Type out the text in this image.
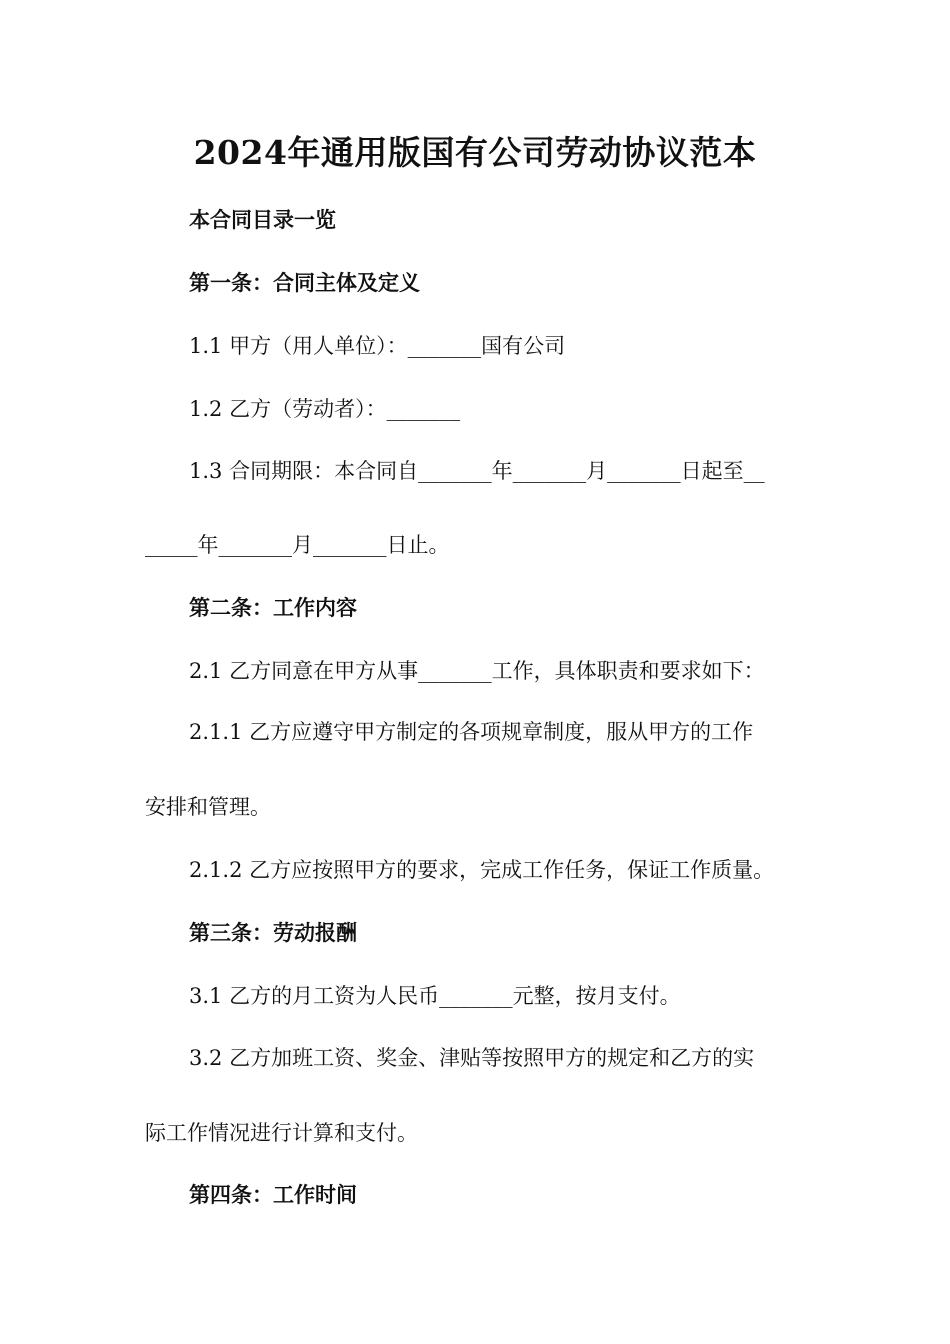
2024年通用版国有公司劳动协议范本

本合同目录一览

第一条：合同主体及定义

1.1 甲方（用人单位）：_______国有公司

1.2 乙方（劳动者）：_______

1.3 合同期限：本合同自_______年_______月_______日起至__

_____年_______月_______日止。

第二条：工作内容

2.1 乙方同意在甲方从事_______工作，具体职责和要求如下：

2.1.1 乙方应遵守甲方制定的各项规章制度，服从甲方的工作

安排和管理。

2.1.2 乙方应按照甲方的要求，完成工作任务，保证工作质量。

第三条：劳动报酬

3.1 乙方的月工资为人民币_______元整，按月支付。

3.2 乙方加班工资、奖金、津贴等按照甲方的规定和乙方的实

际工作情况进行计算和支付。

第四条：工作时间
